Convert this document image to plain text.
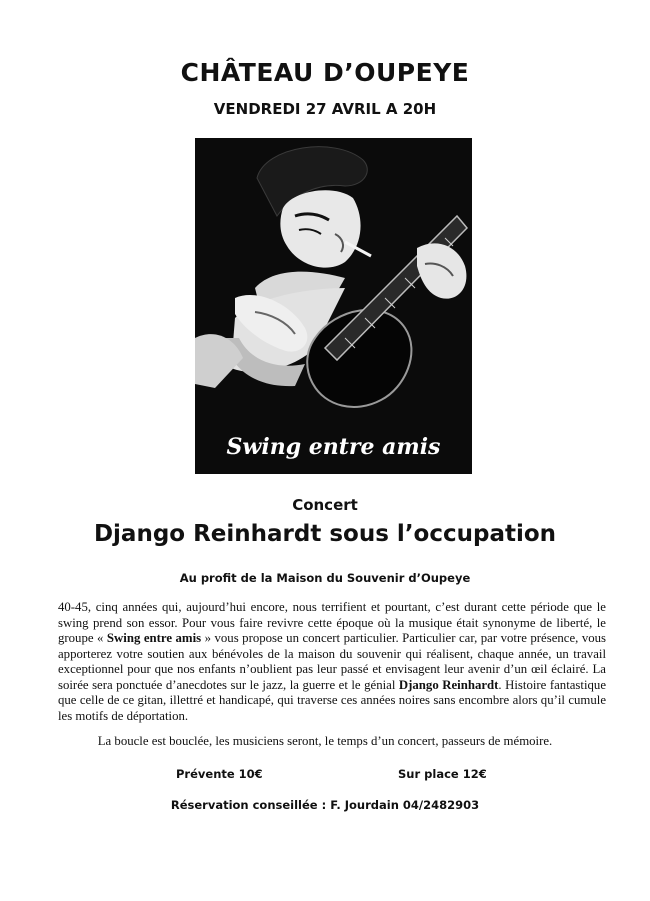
CHÂTEAU D’OUPEYE
VENDREDI 27 AVRIL A 20H
Swing entre amis
Concert
Django Reinhardt sous l’occupation
Au profit de la Maison du Souvenir d’Oupeye

40-45, cinq années qui, aujourd’hui encore, nous terrifient et pourtant, c’est durant cette période que le swing prend son essor. Pour vous faire revivre cette époque où la musique était synonyme de liberté, le groupe « Swing entre amis » vous propose un concert particulier. Particulier car, par votre présence, vous apporterez votre soutien aux bénévoles de la maison du souvenir qui réalisent, chaque année, un travail exceptionnel pour que nos enfants n’oublient pas leur passé et envisagent leur avenir d’un œil éclairé. La soirée sera ponctuée d’anecdotes sur le jazz, la guerre et le génial Django Reinhardt. Histoire fantastique que celle de ce gitan, illettré et handicapé, qui traverse ces années noires sans encombre alors qu’il cumule les motifs de déportation.

La boucle est bouclée, les musiciens seront, le temps d’un concert, passeurs de mémoire.
Prévente 10€	Sur place 12€
Réservation conseillée : F. Jourdain 04/2482903
